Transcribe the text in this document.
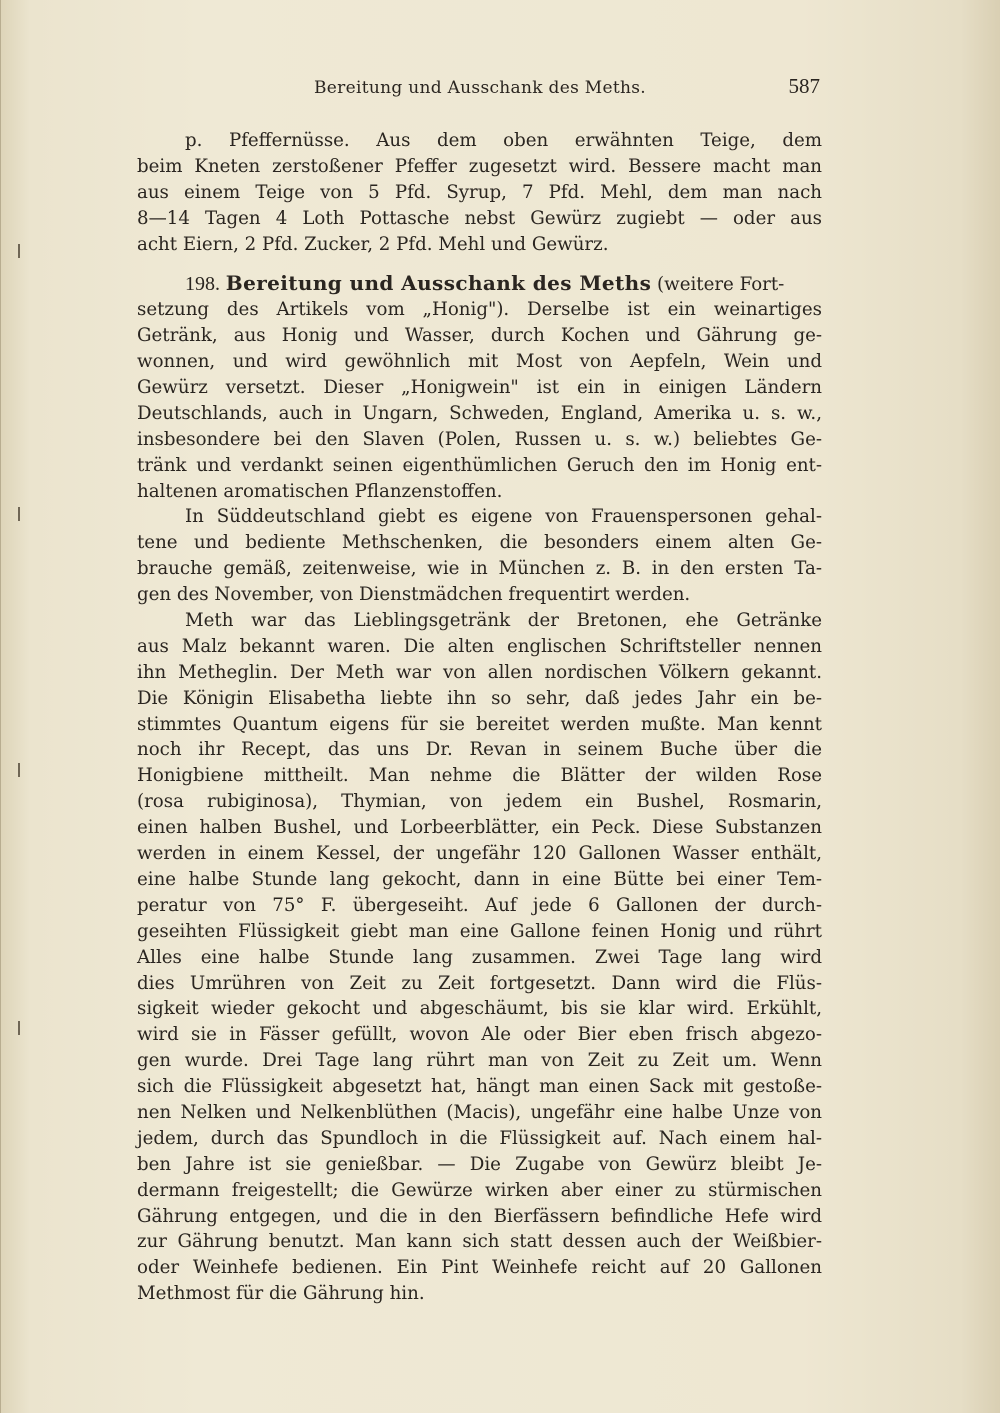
Bereitung und Ausschank des Meths.	587
p. Pfeffernüsse. Aus dem oben erwähnten Teige, dem
beim Kneten zerstoßener Pfeffer zugesetzt wird. Bessere macht man
aus einem Teige von 5 Pfd. Syrup, 7 Pfd. Mehl, dem man nach
8—14 Tagen 4 Loth Pottasche nebst Gewürz zugiebt — oder aus
acht Eiern, 2 Pfd. Zucker, 2 Pfd. Mehl und Gewürz.
198. Bereitung und Ausschank des Meths (weitere Fort-
setzung des Artikels vom „Honig"). Derselbe ist ein weinartiges
Getränk, aus Honig und Wasser, durch Kochen und Gährung ge-
wonnen, und wird gewöhnlich mit Most von Aepfeln, Wein und
Gewürz versetzt. Dieser „Honigwein" ist ein in einigen Ländern
Deutschlands, auch in Ungarn, Schweden, England, Amerika u. s. w.,
insbesondere bei den Slaven (Polen, Russen u. s. w.) beliebtes Ge-
tränk und verdankt seinen eigenthümlichen Geruch den im Honig ent-
haltenen aromatischen Pflanzenstoffen.
In Süddeutschland giebt es eigene von Frauenspersonen gehal-
tene und bediente Methschenken, die besonders einem alten Ge-
brauche gemäß, zeitenweise, wie in München z. B. in den ersten Ta-
gen des November, von Dienstmädchen frequentirt werden.
Meth war das Lieblingsgetränk der Bretonen, ehe Getränke
aus Malz bekannt waren. Die alten englischen Schriftsteller nennen
ihn Metheglin. Der Meth war von allen nordischen Völkern gekannt.
Die Königin Elisabetha liebte ihn so sehr, daß jedes Jahr ein be-
stimmtes Quantum eigens für sie bereitet werden mußte. Man kennt
noch ihr Recept, das uns Dr. Revan in seinem Buche über die
Honigbiene mittheilt. Man nehme die Blätter der wilden Rose
(rosa rubiginosa), Thymian, von jedem ein Bushel, Rosmarin,
einen halben Bushel, und Lorbeerblätter, ein Peck. Diese Substanzen
werden in einem Kessel, der ungefähr 120 Gallonen Wasser enthält,
eine halbe Stunde lang gekocht, dann in eine Bütte bei einer Tem-
peratur von 75° F. übergeseiht. Auf jede 6 Gallonen der durch-
geseihten Flüssigkeit giebt man eine Gallone feinen Honig und rührt
Alles eine halbe Stunde lang zusammen. Zwei Tage lang wird
dies Umrühren von Zeit zu Zeit fortgesetzt. Dann wird die Flüs-
sigkeit wieder gekocht und abgeschäumt, bis sie klar wird. Erkühlt,
wird sie in Fässer gefüllt, wovon Ale oder Bier eben frisch abgezo-
gen wurde. Drei Tage lang rührt man von Zeit zu Zeit um. Wenn
sich die Flüssigkeit abgesetzt hat, hängt man einen Sack mit gestoße-
nen Nelken und Nelkenblüthen (Macis), ungefähr eine halbe Unze von
jedem, durch das Spundloch in die Flüssigkeit auf. Nach einem hal-
ben Jahre ist sie genießbar. — Die Zugabe von Gewürz bleibt Je-
dermann freigestellt; die Gewürze wirken aber einer zu stürmischen
Gährung entgegen, und die in den Bierfässern befindliche Hefe wird
zur Gährung benutzt. Man kann sich statt dessen auch der Weißbier-
oder Weinhefe bedienen. Ein Pint Weinhefe reicht auf 20 Gallonen
Methmost für die Gährung hin.
